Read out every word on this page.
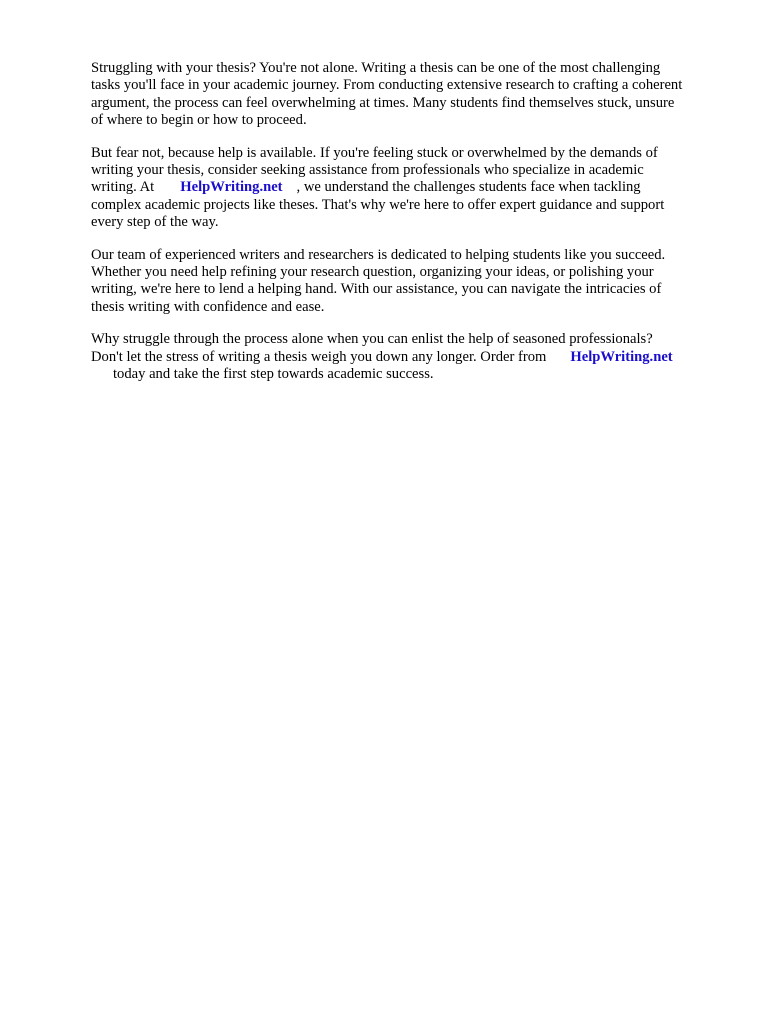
Struggling with your thesis? You're not alone. Writing a thesis can be one of the most challenging
tasks you'll face in your academic journey. From conducting extensive research to crafting a coherent
argument, the process can feel overwhelming at times. Many students find themselves stuck, unsure
of where to begin or how to proceed.

But fear not, because help is available. If you're feeling stuck or overwhelmed by the demands of
writing your thesis, consider seeking assistance from professionals who specialize in academic
writing. At HelpWriting.net , we understand the challenges students face when tackling
complex academic projects like theses. That's why we're here to offer expert guidance and support
every step of the way.

Our team of experienced writers and researchers is dedicated to helping students like you succeed.
Whether you need help refining your research question, organizing your ideas, or polishing your
writing, we're here to lend a helping hand. With our assistance, you can navigate the intricacies of
thesis writing with confidence and ease.

Why struggle through the process alone when you can enlist the help of seasoned professionals?
Don't let the stress of writing a thesis weigh you down any longer. Order from HelpWriting.net
today and take the first step towards academic success.
